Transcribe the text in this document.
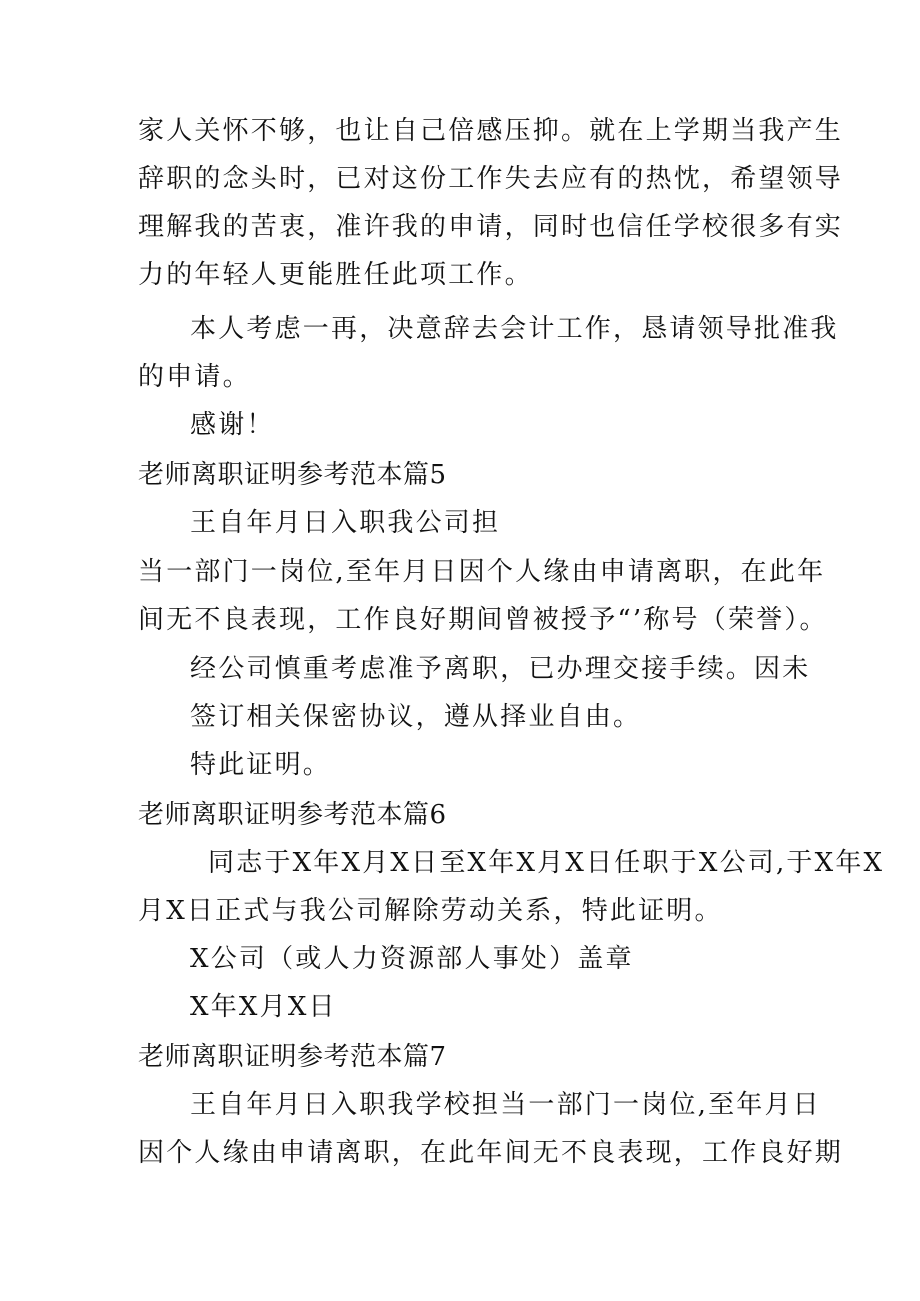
家人关怀不够，也让自己倍感压抑。就在上学期当我产生
辞职的念头时，已对这份工作失去应有的热忱，希望领导
理解我的苦衷，准许我的申请，同时也信任学校很多有实
力的年轻人更能胜任此项工作。
本人考虑一再，决意辞去会计工作，恳请领导批准我
的申请。
感谢！
老师离职证明参考范本篇5
王自年月日入职我公司担
当一部门一岗位,至年月日因个人缘由申请离职，在此年
间无不良表现，工作良好期间曾被授予“’称号（荣誉）。
经公司慎重考虑准予离职，已办理交接手续。因未
签订相关保密协议，遵从择业自由。
特此证明。
老师离职证明参考范本篇6
同志于X年X月X日至X年X月X日任职于X公司,于X年X
月X日正式与我公司解除劳动关系，特此证明。
X公司（或人力资源部人事处）盖章
X年X月X日
老师离职证明参考范本篇7
王自年月日入职我学校担当一部门一岗位,至年月日
因个人缘由申请离职，在此年间无不良表现，工作良好期
